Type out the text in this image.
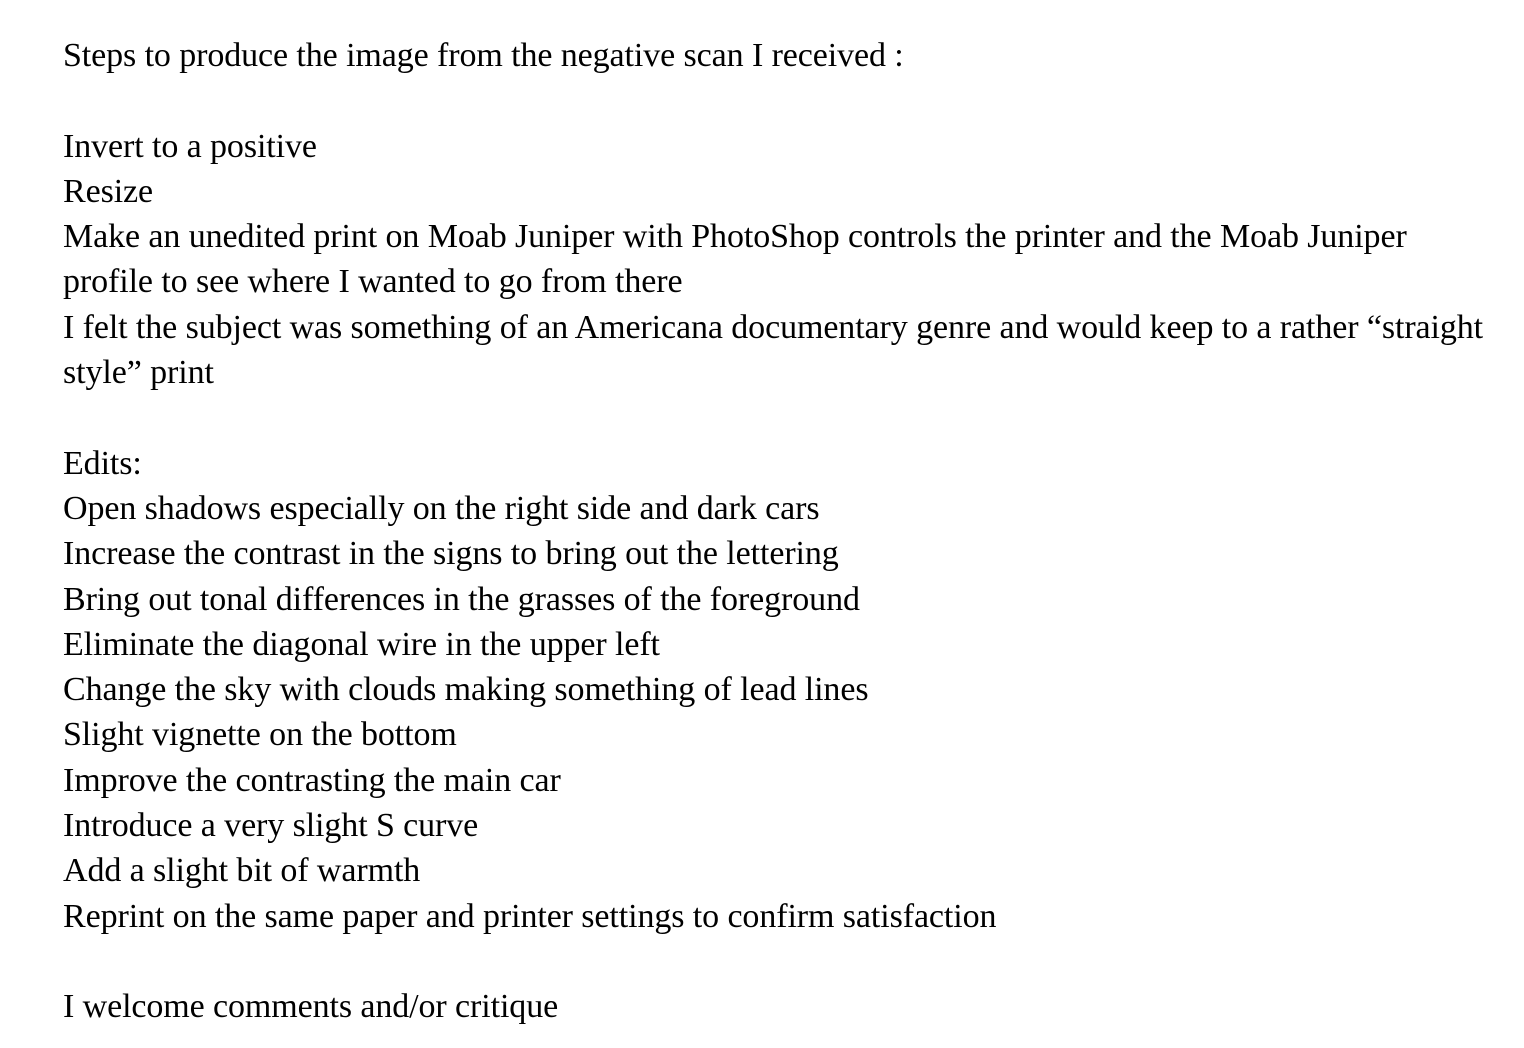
Steps to produce the image from the negative scan I received :

Invert to a positive

Resize

Make an unedited print on Moab Juniper with PhotoShop controls the printer and the Moab Juniper profile to see where I wanted to go from there

I felt the subject was something of an Americana documentary genre and would keep to a rather “straight style” print

Edits:

Open shadows especially on the right side and dark cars

Increase the contrast in the signs to bring out the lettering

Bring out tonal differences in the grasses of the foreground

Eliminate the diagonal wire in the upper left

Change the sky with clouds making something of lead lines

Slight vignette on the bottom

Improve the contrasting the main car

Introduce a very slight S curve

Add a slight bit of warmth

Reprint on the same paper and printer settings to confirm satisfaction

I welcome comments and/or critique
